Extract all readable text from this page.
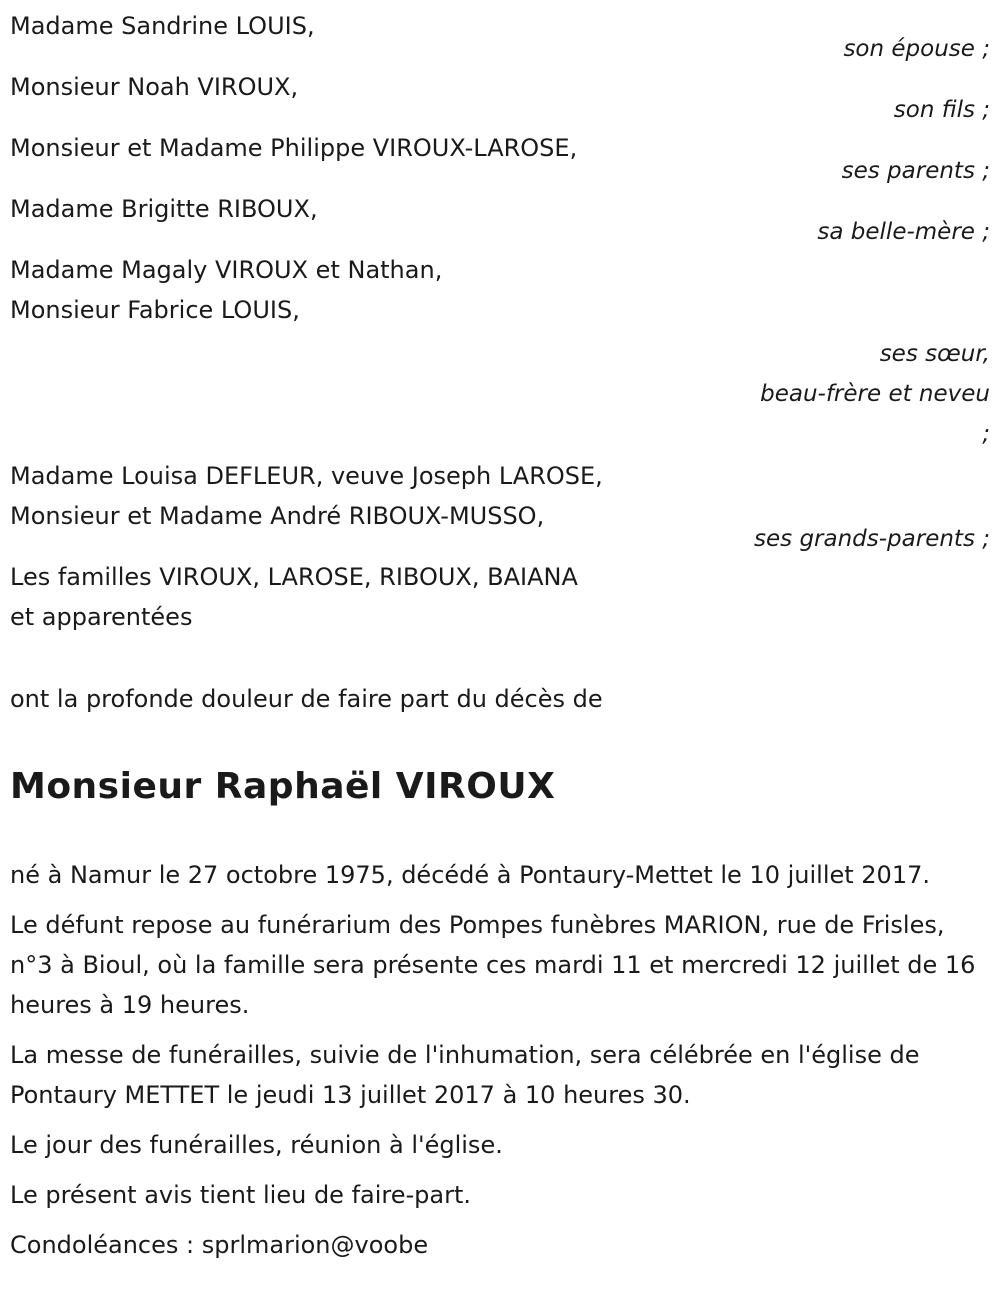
Madame Sandrine LOUIS,
son épouse ;
Monsieur Noah VIROUX,
son fils ;
Monsieur et Madame Philippe VIROUX-LAROSE,
ses parents ;
Madame Brigitte RIBOUX,
sa belle-mère ;
Madame Magaly VIROUX et Nathan,
Monsieur Fabrice LOUIS,
ses sœur,
beau-frère et neveu
;
Madame Louisa DEFLEUR, veuve Joseph LAROSE,
Monsieur et Madame André RIBOUX-MUSSO,
ses grands-parents ;
Les familles VIROUX, LAROSE, RIBOUX, BAIANA
et apparentées
ont la profonde douleur de faire part du décès de
Monsieur Raphaël VIROUX
né à Namur le 27 octobre 1975, décédé à Pontaury-Mettet le 10 juillet 2017.
Le défunt repose au funérarium des Pompes funèbres MARION, rue de Frisles, n°3 à Bioul, où la famille sera présente ces mardi 11 et mercredi 12 juillet de 16 heures à 19 heures.
La messe de funérailles, suivie de l'inhumation, sera célébrée en l'église de Pontaury METTET le jeudi 13 juillet 2017 à 10 heures 30.
Le jour des funérailles, réunion à l'église.
Le présent avis tient lieu de faire-part.
Condoléances : sprlmarion@voobe
